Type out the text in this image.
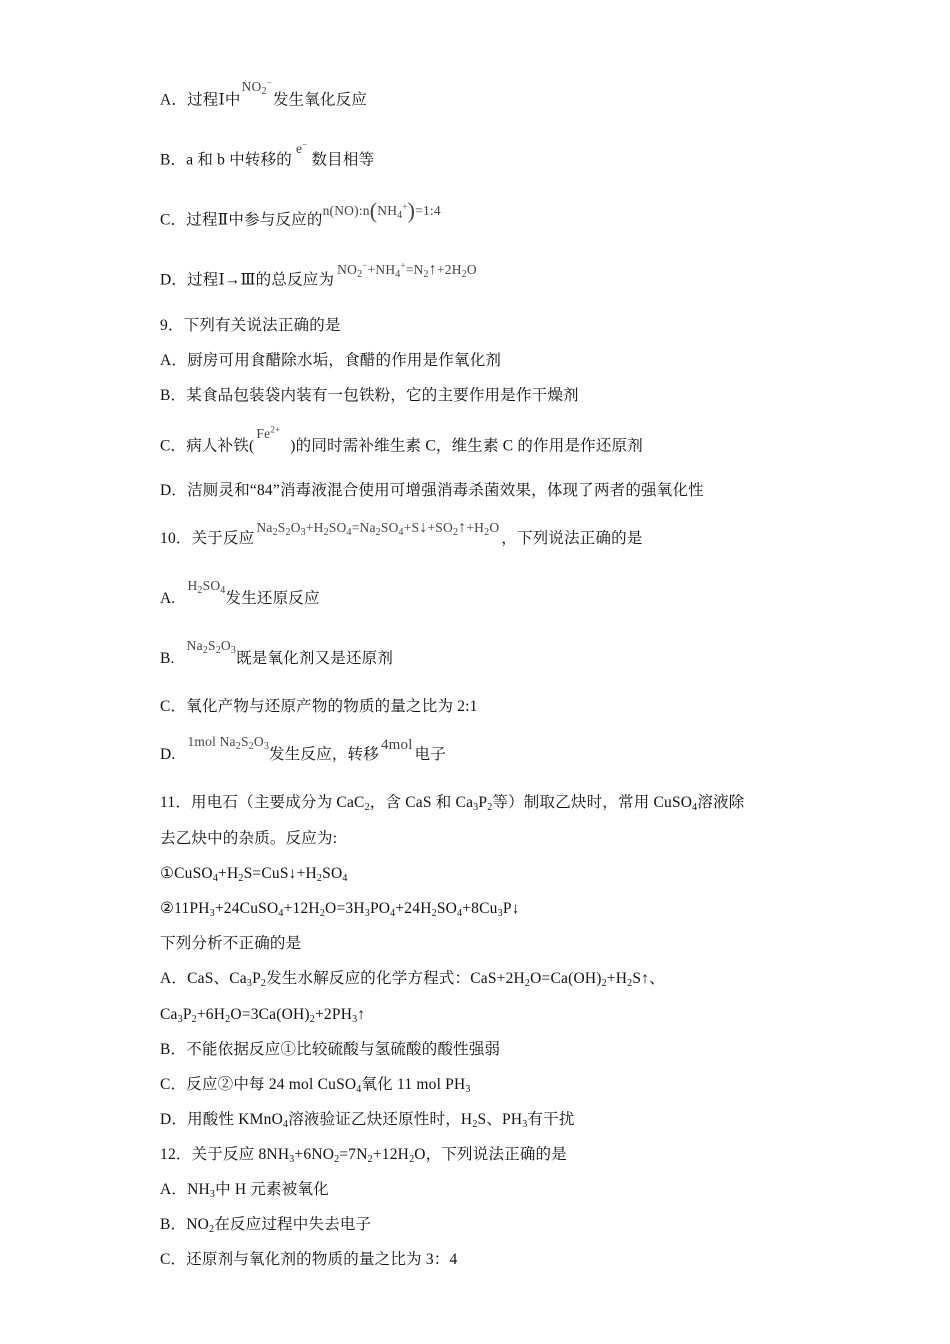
A．过程Ⅰ中$NO_2^-$发生氧化反应
B．a 和 b 中转移的e−数目相等
C．过程Ⅱ中参与反应的$n(NO):n(NH_4^+)=1:4$
D．过程Ⅰ→Ⅲ的总反应为$NO_2^-+NH_4^+=N_2↑+2H_2O$
9．下列有关说法正确的是
A．厨房可用食醋除水垢，食醋的作用是作氧化剂
B．某食品包装袋内装有一包铁粉，它的主要作用是作干燥剂
C．病人补铁$(Fe^{2+})$的同时需补维生素 C，维生素 C 的作用是作还原剂
D．洁厕灵和“84”消毒液混合使用可增强消毒杀菌效果，体现了两者的强氧化性
10．关于反应$Na_2S_2O_3+H_2SO_4=Na_2SO_4+S↓+SO_2↑+H_2O$，下列说法正确的是
$A.H_2SO_4$发生还原反应
$B.Na_2S_2O_3$既是氧化剂又是还原剂
C．氧化产物与还原产物的物质的量之比为 2:1
D.1mol $Na_2S_2O_3$发生反应，转移4mol电子
11．用电石（主要成分为 CaC$_2$，含 CaS 和 $Ca_3P_2$等）制取乙炔时，常用 CuSO$_4$溶液除
去乙炔中的杂质。反应为:
$①CuSO_4+H_2S=CuS↓+H_2SO_4$
$②11PH_3+24CuSO_4+12H_2O=3H_3PO_4+24H_2SO_4+8Cu_3P↓$
下列分析不正确的是
A．CaS、$Ca_3P_2$发生水解反应的化学方程式：$CaS+2H_2O=Ca(OH)_2+H_2S↑$、
$Ca_3P_2+6H_2O=3Ca(OH)_2+2PH_3↑$
B．不能依据反应①比较硫酸与氢硫酸的酸性强弱
C．反应②中每 24 mol CuSO$_4$氧化 11 mol $PH_3$
D．用酸性 KMnO$_4$溶液验证乙炔还原性时，$H_2S$、$PH_3$有干扰
12．关于反应 $8NH_3+6NO_2=7N_2+12H_2O$，下列说法正确的是
A．$NH_3$中 H 元素被氧化
B．$NO_2$在反应过程中失去电子
C．还原剂与氧化剂的物质的量之比为 3：4
